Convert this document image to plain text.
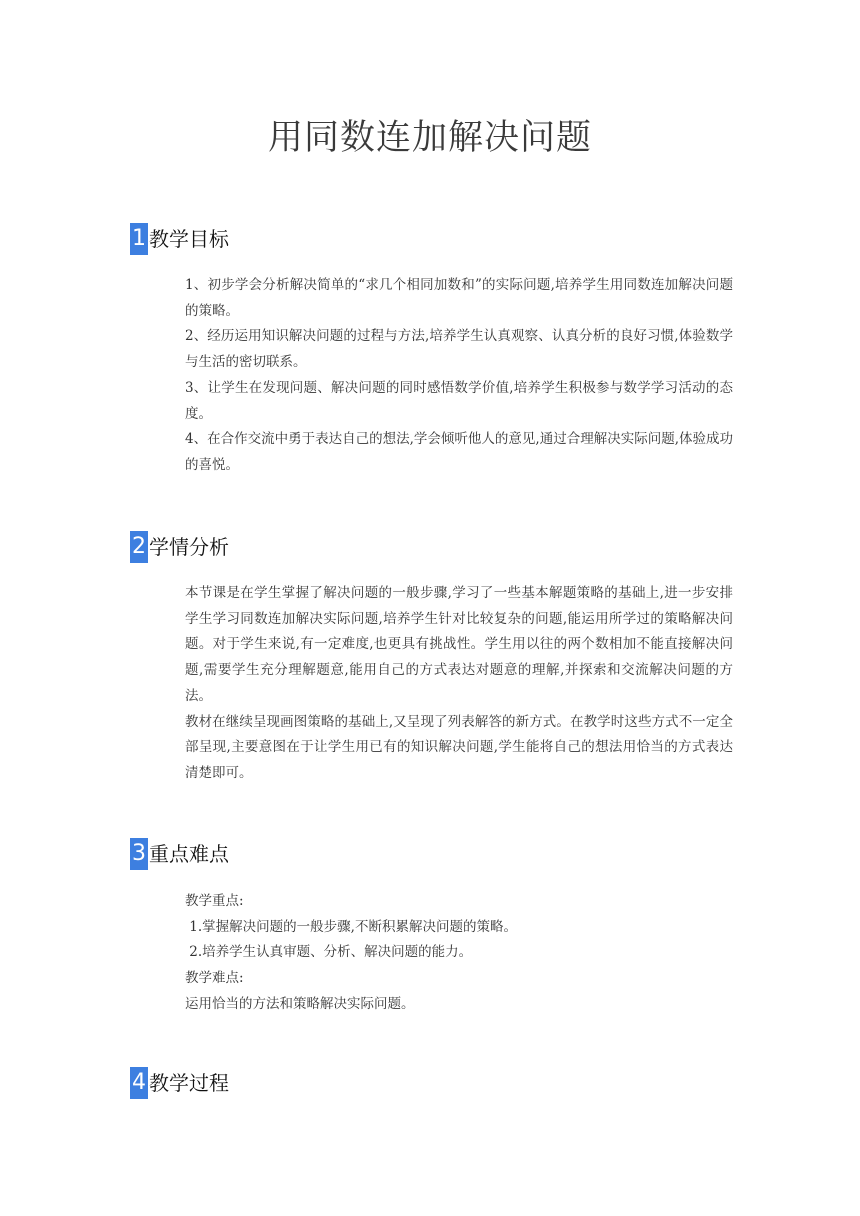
用同数连加解决问题
1 教学目标

1、初步学会分析解决简单的“求几个相同加数和”的实际问题,培养学生用同数连加解决问题的策略。

2、经历运用知识解决问题的过程与方法,培养学生认真观察、认真分析的良好习惯,体验数学与生活的密切联系。

3、让学生在发现问题、解决问题的同时感悟数学价值,培养学生积极参与数学学习活动的态度。

4、在合作交流中勇于表达自己的想法,学会倾听他人的意见,通过合理解决实际问题,体验成功的喜悦。

2 学情分析

本节课是在学生掌握了解决问题的一般步骤,学习了一些基本解题策略的基础上,进一步安排学生学习同数连加解决实际问题,培养学生针对比较复杂的问题,能运用所学过的策略解决问题。对于学生来说,有一定难度,也更具有挑战性。学生用以往的两个数相加不能直接解决问题,需要学生充分理解题意,能用自己的方式表达对题意的理解,并探索和交流解决问题的方法。

教材在继续呈现画图策略的基础上,又呈现了列表解答的新方式。在教学时这些方式不一定全部呈现,主要意图在于让学生用已有的知识解决问题,学生能将自己的想法用恰当的方式表达清楚即可。

3 重点难点

教学重点:

1.掌握解决问题的一般步骤,不断积累解决问题的策略。

2.培养学生认真审题、分析、解决问题的能力。

教学难点:

运用恰当的方法和策略解决实际问题。

4 教学过程
